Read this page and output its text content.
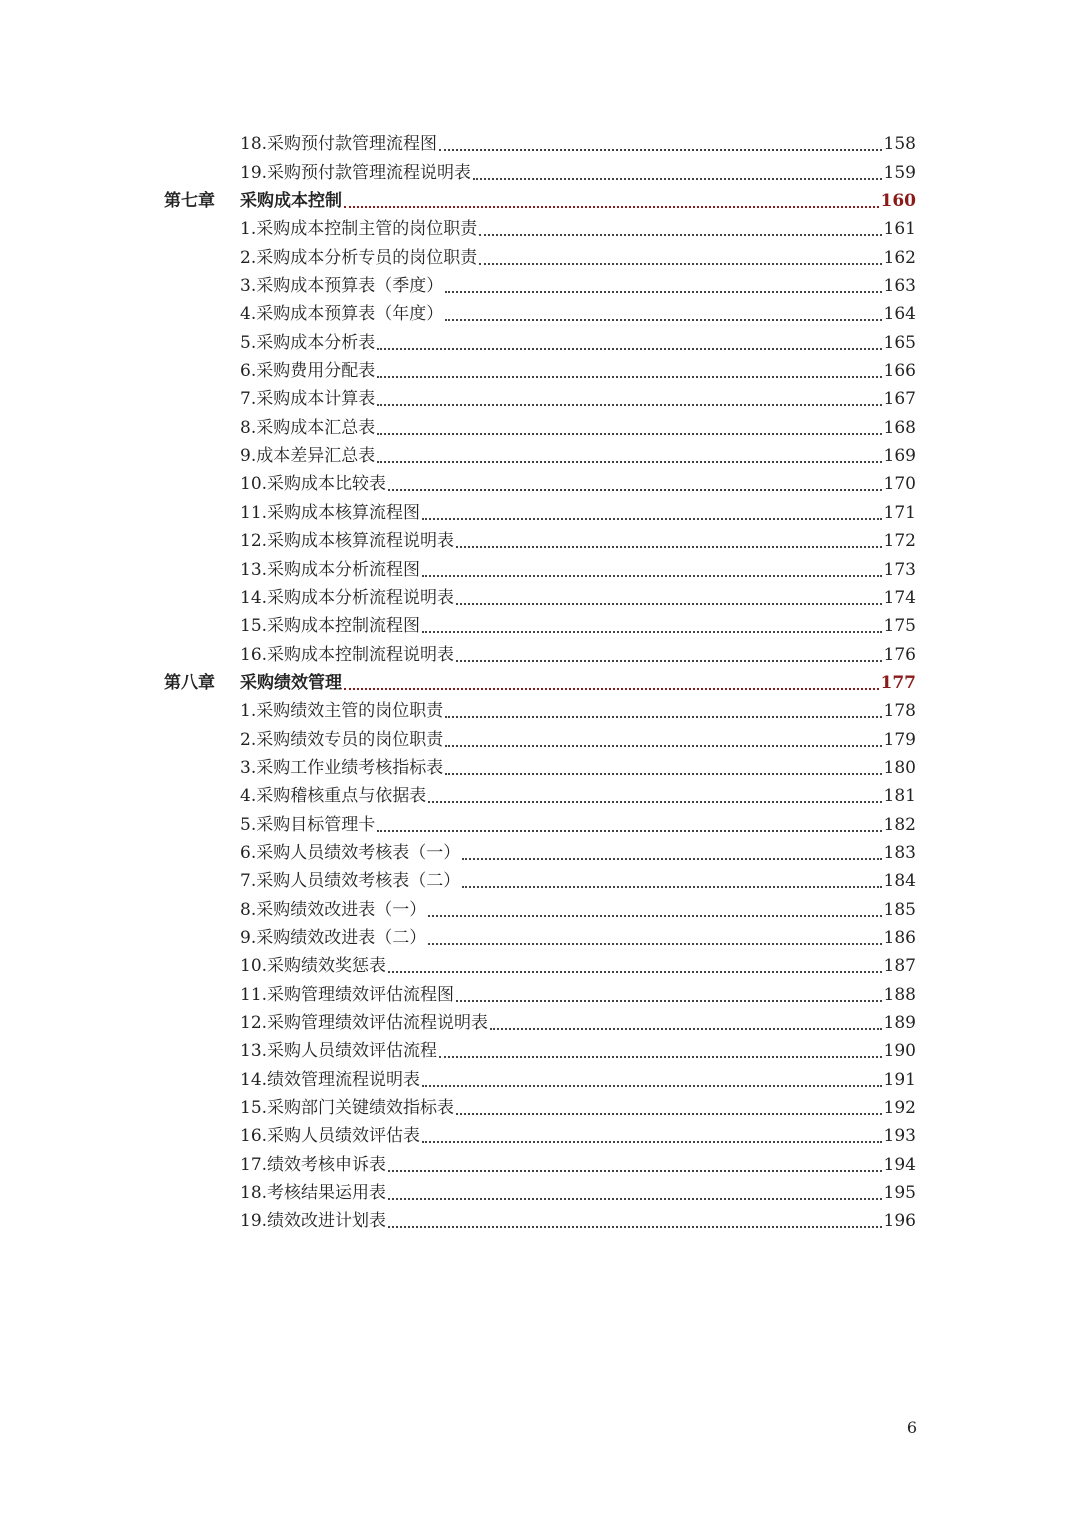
18.采购预付款管理流程图	158
19.采购预付款管理流程说明表	159
第七章	采购成本控制	160
1.采购成本控制主管的岗位职责	161
2.采购成本分析专员的岗位职责	162
3.采购成本预算表（季度）	163
4.采购成本预算表（年度）	164
5.采购成本分析表	165
6.采购费用分配表	166
7.采购成本计算表	167
8.采购成本汇总表	168
9.成本差异汇总表	169
10.采购成本比较表	170
11.采购成本核算流程图	171
12.采购成本核算流程说明表	172
13.采购成本分析流程图	173
14.采购成本分析流程说明表	174
15.采购成本控制流程图	175
16.采购成本控制流程说明表	176
第八章	采购绩效管理	177
1.采购绩效主管的岗位职责	178
2.采购绩效专员的岗位职责	179
3.采购工作业绩考核指标表	180
4.采购稽核重点与依据表	181
5.采购目标管理卡	182
6.采购人员绩效考核表（一）	183
7.采购人员绩效考核表（二）	184
8.采购绩效改进表（一）	185
9.采购绩效改进表（二）	186
10.采购绩效奖惩表	187
11.采购管理绩效评估流程图	188
12.采购管理绩效评估流程说明表	189
13.采购人员绩效评估流程	190
14.绩效管理流程说明表	191
15.采购部门关键绩效指标表	192
16.采购人员绩效评估表	193
17.绩效考核申诉表	194
18.考核结果运用表	195
19.绩效改进计划表	196
6
